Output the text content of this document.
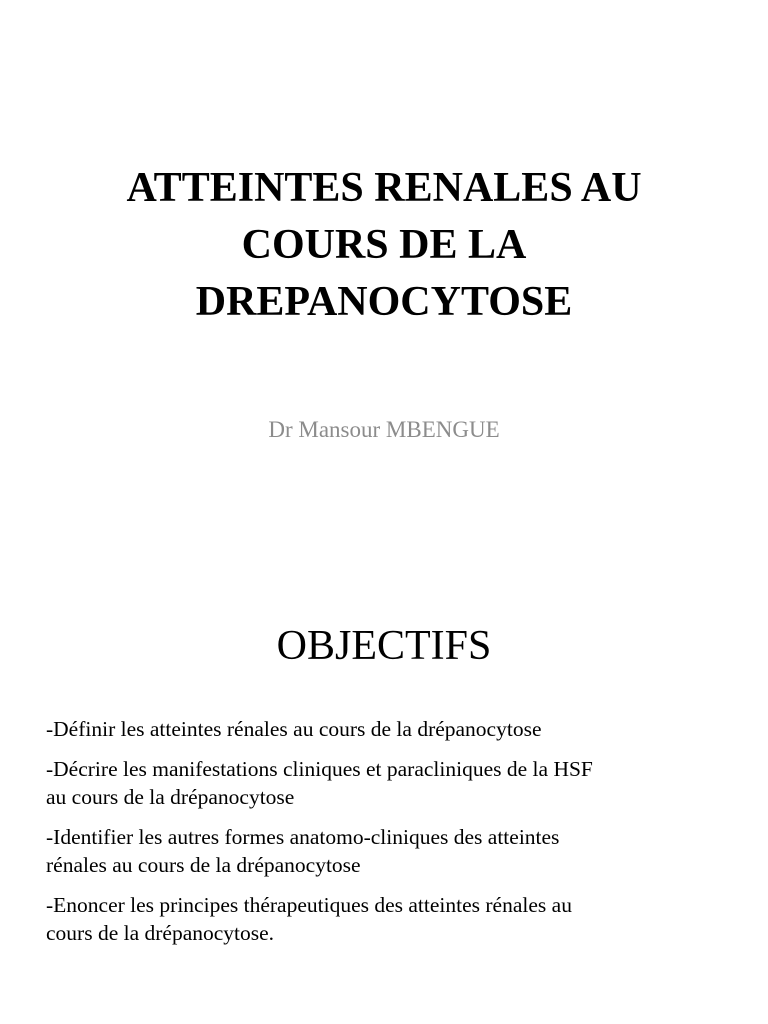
ATTEINTES RENALES AU
COURS DE LA
DREPANOCYTOSE
Dr Mansour MBENGUE
OBJECTIFS
-Définir les atteintes rénales au cours de la drépanocytose
-Décrire les manifestations cliniques et paracliniques de la HSF
au cours de la drépanocytose
-Identifier les autres formes anatomo-cliniques des atteintes
rénales au cours de la drépanocytose
-Enoncer les principes thérapeutiques des atteintes rénales au
cours de la drépanocytose.
